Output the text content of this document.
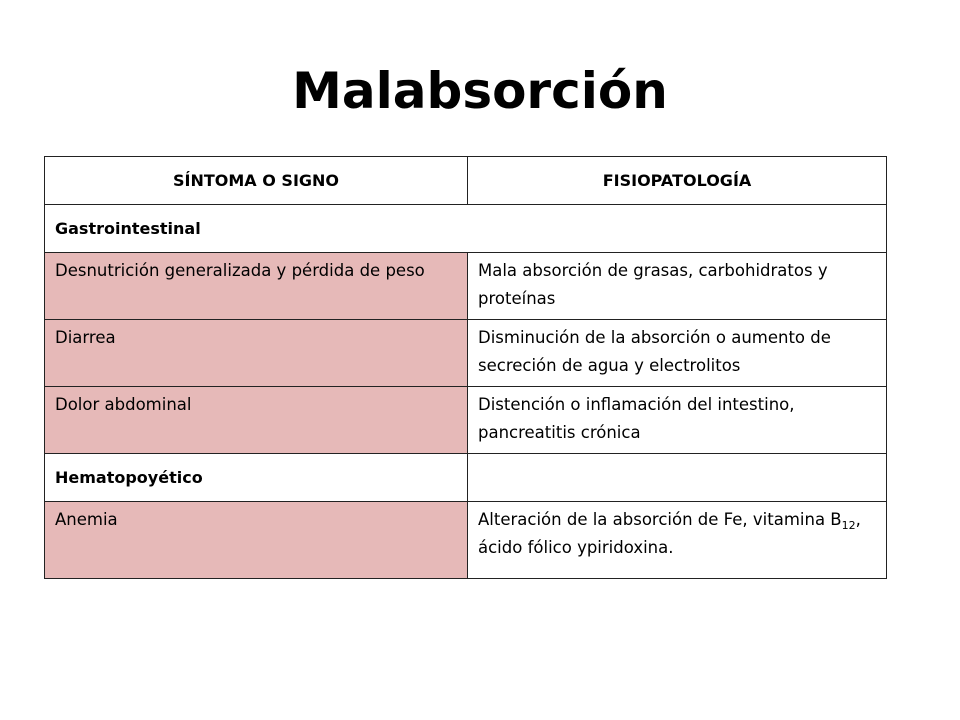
Malabsorción
SÍNTOMA O SIGNO	FISIOPATOLOGÍA
Gastrointestinal	
Desnutrición generalizada y pérdida de peso	Mala absorción de grasas, carbohidratos y proteínas
Diarrea	Disminución de la absorción o aumento de secreción de agua y electrolitos
Dolor abdominal	Distención o inflamación del intestino, pancreatitis crónica
Hematopoyético	
Anemia	Alteración de la absorción de Fe, vitamina $B_{12}$, ácido fólico ypiridoxina.
